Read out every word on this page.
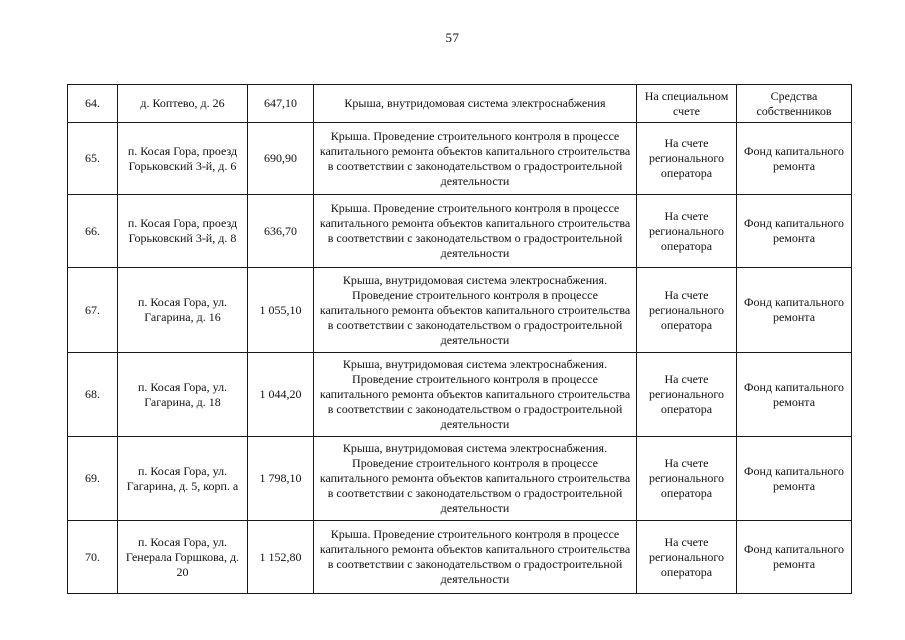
57
64.	д. Коптево, д. 26	647,10	Крыша, внутридомовая система электроснабжения	На специальном счете	Средства собственников
65.	п. Косая Гора, проезд Горьковский 3-й, д. 6	690,90	Крыша. Проведение строительного контроля в процессе капитального ремонта объектов капитального строительства в соответствии с законодательством о градостроительной деятельности	На счете регионального оператора	Фонд капитального ремонта
66.	п. Косая Гора, проезд Горьковский 3-й, д. 8	636,70	Крыша. Проведение строительного контроля в процессе капитального ремонта объектов капитального строительства в соответствии с законодательством о градостроительной деятельности	На счете регионального оператора	Фонд капитального ремонта
67.	п. Косая Гора, ул. Гагарина, д. 16	1 055,10	Крыша, внутридомовая система электроснабжения. Проведение строительного контроля в процессе капитального ремонта объектов капитального строительства в соответствии с законодательством о градостроительной деятельности	На счете регионального оператора	Фонд капитального ремонта
68.	п. Косая Гора, ул. Гагарина, д. 18	1 044,20	Крыша, внутридомовая система электроснабжения. Проведение строительного контроля в процессе капитального ремонта объектов капитального строительства в соответствии с законодательством о градостроительной деятельности	На счете регионального оператора	Фонд капитального ремонта
69.	п. Косая Гора, ул. Гагарина, д. 5, корп. а	1 798,10	Крыша, внутридомовая система электроснабжения. Проведение строительного контроля в процессе капитального ремонта объектов капитального строительства в соответствии с законодательством о градостроительной деятельности	На счете регионального оператора	Фонд капитального ремонта
70.	п. Косая Гора, ул. Генерала Горшкова, д. 20	1 152,80	Крыша. Проведение строительного контроля в процессе капитального ремонта объектов капитального строительства в соответствии с законодательством о градостроительной деятельности	На счете регионального оператора	Фонд капитального ремонта
